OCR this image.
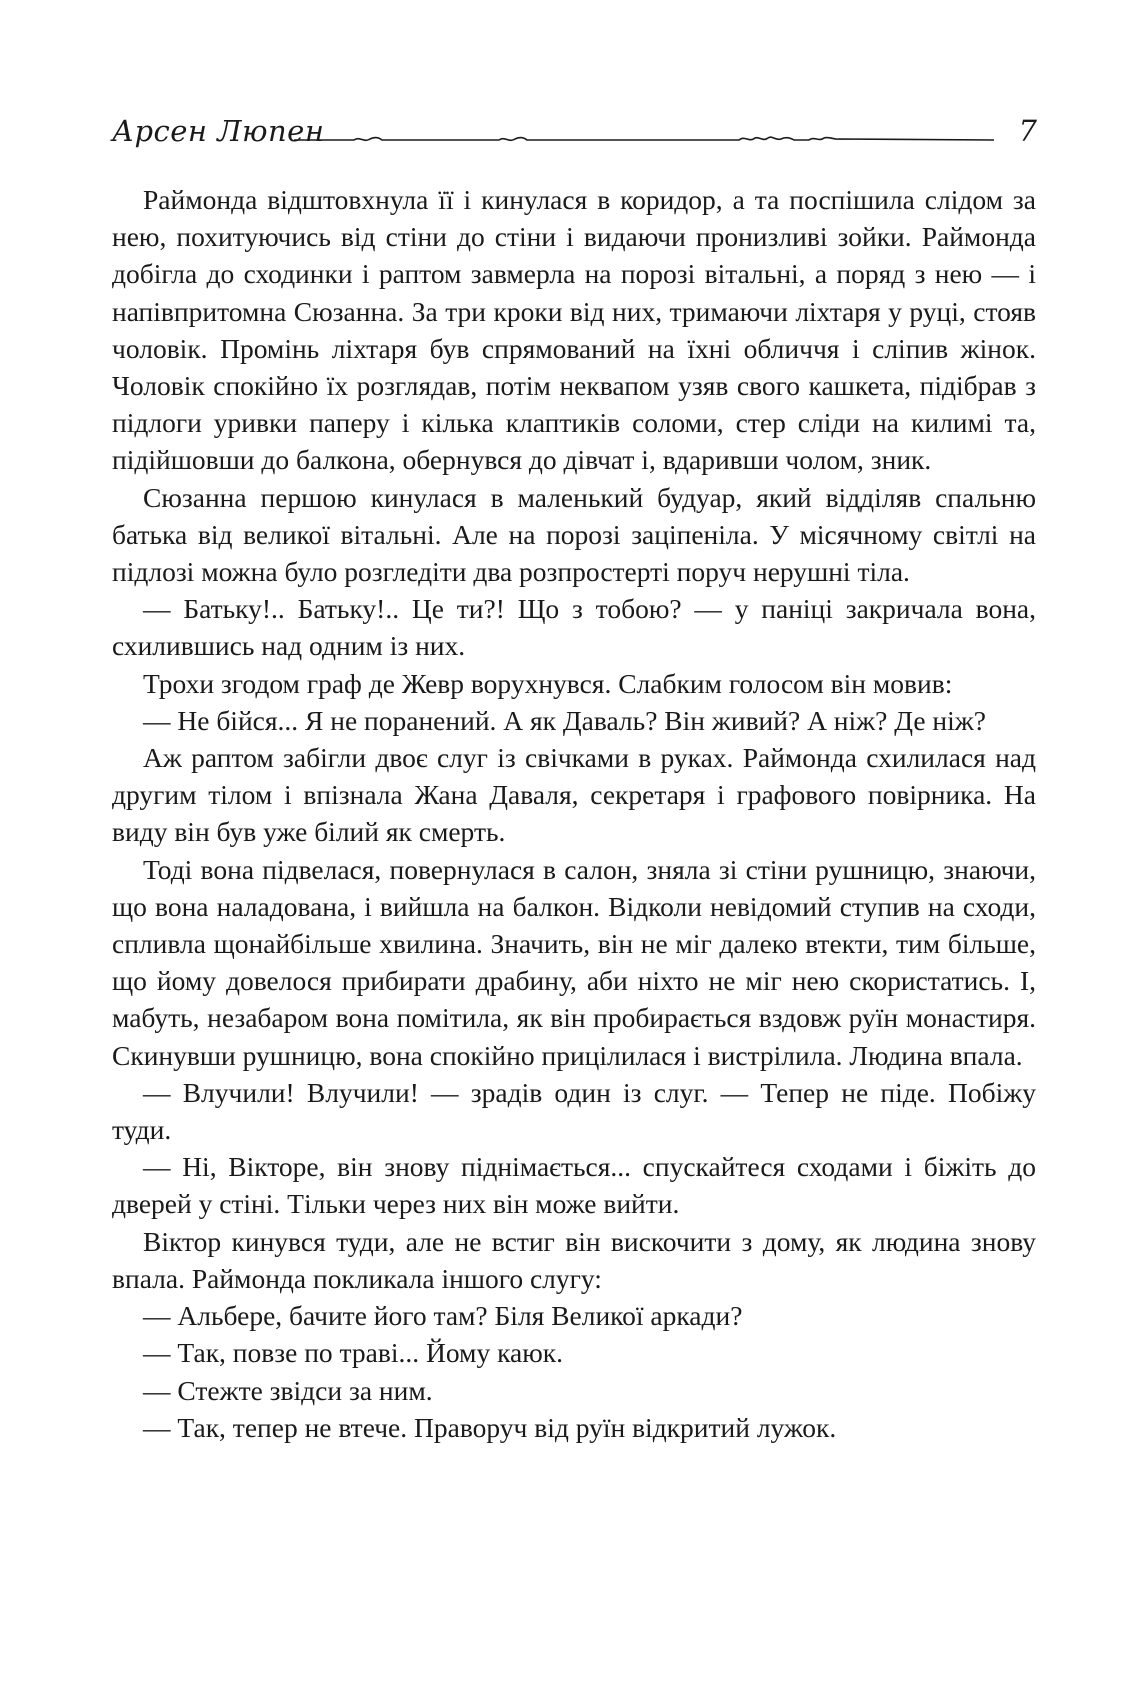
Арсен Люпен	7

Раймонда відштовхнула її і кинулася в коридор, а та поспішила слідом за нею, похитуючись від стіни до стіни і видаючи пронизливі зойки. Раймонда добігла до сходинки і раптом завмерла на порозі вітальні, а поряд з нею — і напівпритомна Сюзанна. За три кроки від них, тримаючи ліхтаря у руці, стояв чоловік. Промінь ліхтаря був спрямований на їхні обличчя і сліпив жінок. Чоловік спокійно їх розглядав, потім неквапом узяв свого кашкета, підібрав з підлоги уривки паперу і кілька клаптиків соломи, стер сліди на килимі та, підійшовши до балкона, обернувся до дівчат і, вдаривши чолом, зник.

Сюзанна першою кинулася в маленький будуар, який відділяв спальню батька від великої вітальні. Але на порозі заціпеніла. У місячному світлі на підлозі можна було розгледіти два розпростерті поруч нерушні тіла.

— Батьку!.. Батьку!.. Це ти?! Що з тобою? — у паніці закричала вона, схилившись над одним із них.

Трохи згодом граф де Жевр ворухнувся. Слабким голосом він мовив:

— Не бійся... Я не поранений. А як Даваль? Він живий? А ніж? Де ніж?

Аж раптом забігли двоє слуг із свічками в руках. Раймонда схилилася над другим тілом і впізнала Жана Даваля, секретаря і графового повірника. На виду він був уже білий як смерть.

Тоді вона підвелася, повернулася в салон, зняла зі стіни рушницю, знаючи, що вона наладована, і вийшла на балкон. Відколи невідомий ступив на сходи, спливла щонайбільше хвилина. Значить, він не міг далеко втекти, тим більше, що йому довелося прибирати драбину, аби ніхто не міг нею скористатись. І, мабуть, незабаром вона помітила, як він пробирається вздовж руїн монастиря. Скинувши рушницю, вона спокійно прицілилася і вистрілила. Людина впала.

— Влучили! Влучили! — зрадів один із слуг. — Тепер не піде. Побіжу туди.

— Ні, Вікторе, він знову піднімається... спускайтеся сходами і біжіть до дверей у стіні. Тільки через них він може вийти.

Віктор кинувся туди, але не встиг він вискочити з дому, як людина знову впала. Раймонда покликала іншого слугу:

— Альбере, бачите його там? Біля Великої аркади?

— Так, повзе по траві... Йому каюк.

— Стежте звідси за ним.

— Так, тепер не втече. Праворуч від руїн відкритий лужок.
